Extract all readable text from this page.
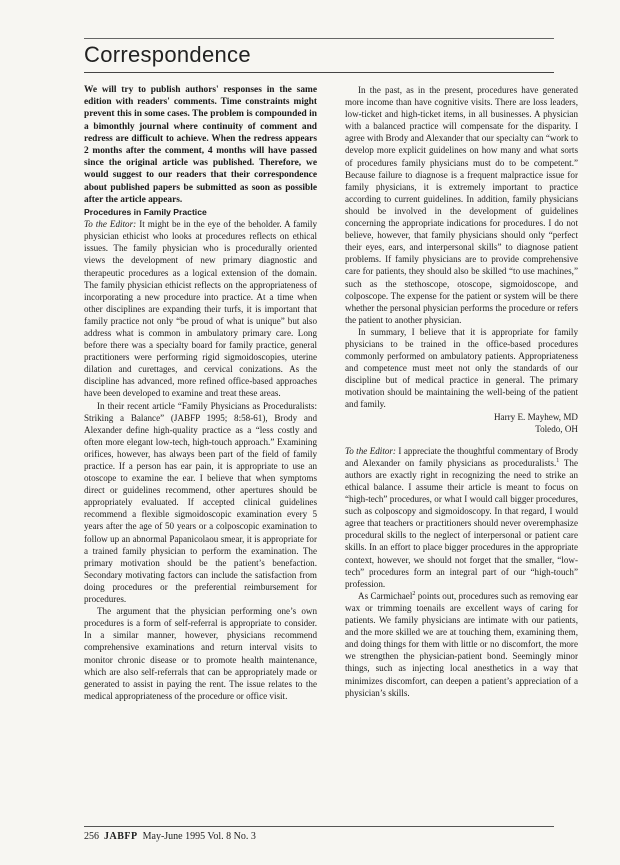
Correspondence

We will try to publish authors' responses in the same edition with readers' comments. Time constraints might prevent this in some cases. The problem is compounded in a bimonthly journal where continuity of comment and redress are difficult to achieve. When the redress appears 2 months after the comment, 4 months will have passed since the original article was published. Therefore, we would suggest to our readers that their correspondence about published papers be submitted as soon as possible after the article appears.

Procedures in Family Practice

To the Editor: It might be in the eye of the beholder. A family physician ethicist who looks at procedures reflects on ethical issues. The family physician who is procedurally oriented views the development of new primary diagnostic and therapeutic procedures as a logical extension of the domain. The family physician ethicist reflects on the appropriateness of incorporating a new procedure into practice. At a time when other disciplines are expanding their turfs, it is important that family practice not only “be proud of what is unique” but also address what is common in ambulatory primary care. Long before there was a specialty board for family practice, general practitioners were performing rigid sigmoidoscopies, uterine dilation and curettages, and cervical conizations. As the discipline has advanced, more refined office-based approaches have been developed to examine and treat these areas.

In their recent article “Family Physicians as Proceduralists: Striking a Balance” (JABFP 1995; 8:58-61), Brody and Alexander define high-quality practice as a “less costly and often more elegant low-tech, high-touch approach.” Examining orifices, however, has always been part of the field of family practice. If a person has ear pain, it is appropriate to use an otoscope to examine the ear. I believe that when symptoms direct or guidelines recommend, other apertures should be appropriately evaluated. If accepted clinical guidelines recommend a flexible sigmoidoscopic examination every 5 years after the age of 50 years or a colposcopic examination to follow up an abnormal Papanicolaou smear, it is appropriate for a trained family physician to perform the examination. The primary motivation should be the patient’s benefaction. Secondary motivating factors can include the satisfaction from doing procedures or the preferential reimbursement for procedures.

The argument that the physician performing one’s own procedures is a form of self-referral is appropriate to consider. In a similar manner, however, physicians recommend comprehensive examinations and return interval visits to monitor chronic disease or to promote health maintenance, which are also self-referrals that can be appropriately made or generated to assist in paying the rent. The issue relates to the medical appropriateness of the procedure or office visit.

In the past, as in the present, procedures have generated more income than have cognitive visits. There are loss leaders, low-ticket and high-ticket items, in all businesses. A physician with a balanced practice will compensate for the disparity. I agree with Brody and Alexander that our specialty can “work to develop more explicit guidelines on how many and what sorts of procedures family physicians must do to be competent.” Because failure to diagnose is a frequent malpractice issue for family physicians, it is extremely important to practice according to current guidelines. In addition, family physicians should be involved in the development of guidelines concerning the appropriate indications for procedures. I do not believe, however, that family physicians should only “perfect their eyes, ears, and interpersonal skills” to diagnose patient problems. If family physicians are to provide comprehensive care for patients, they should also be skilled “to use machines,” such as the stethoscope, otoscope, sigmoidoscope, and colposcope. The expense for the patient or system will be there whether the personal physician performs the procedure or refers the patient to another physician.

In summary, I believe that it is appropriate for family physicians to be trained in the office-based procedures commonly performed on ambulatory patients. Appropriateness and competence must meet not only the standards of our discipline but of medical practice in general. The primary motivation should be maintaining the well-being of the patient and family.

Harry E. Mayhew, MD

Toledo, OH

To the Editor: I appreciate the thoughtful commentary of Brody and Alexander on family physicians as proceduralists.$^1$ The authors are exactly right in recognizing the need to strike an ethical balance. I assume their article is meant to focus on “high-tech” procedures, or what I would call bigger procedures, such as colposcopy and sigmoidoscopy. In that regard, I would agree that teachers or practitioners should never overemphasize procedural skills to the neglect of interpersonal or patient care skills. In an effort to place bigger procedures in the appropriate context, however, we should not forget that the smaller, “low-tech” procedures form an integral part of our “high-touch” profession.

As Carmichael$^2$ points out, procedures such as removing ear wax or trimming toenails are excellent ways of caring for patients. We family physicians are intimate with our patients, and the more skilled we are at touching them, examining them, and doing things for them with little or no discomfort, the more we strengthen the physician-patient bond. Seemingly minor things, such as injecting local anesthetics in a way that minimizes discomfort, can deepen a patient’s appreciation of a physician’s skills.

256 JABFP May-June 1995 Vol. 8 No. 3
